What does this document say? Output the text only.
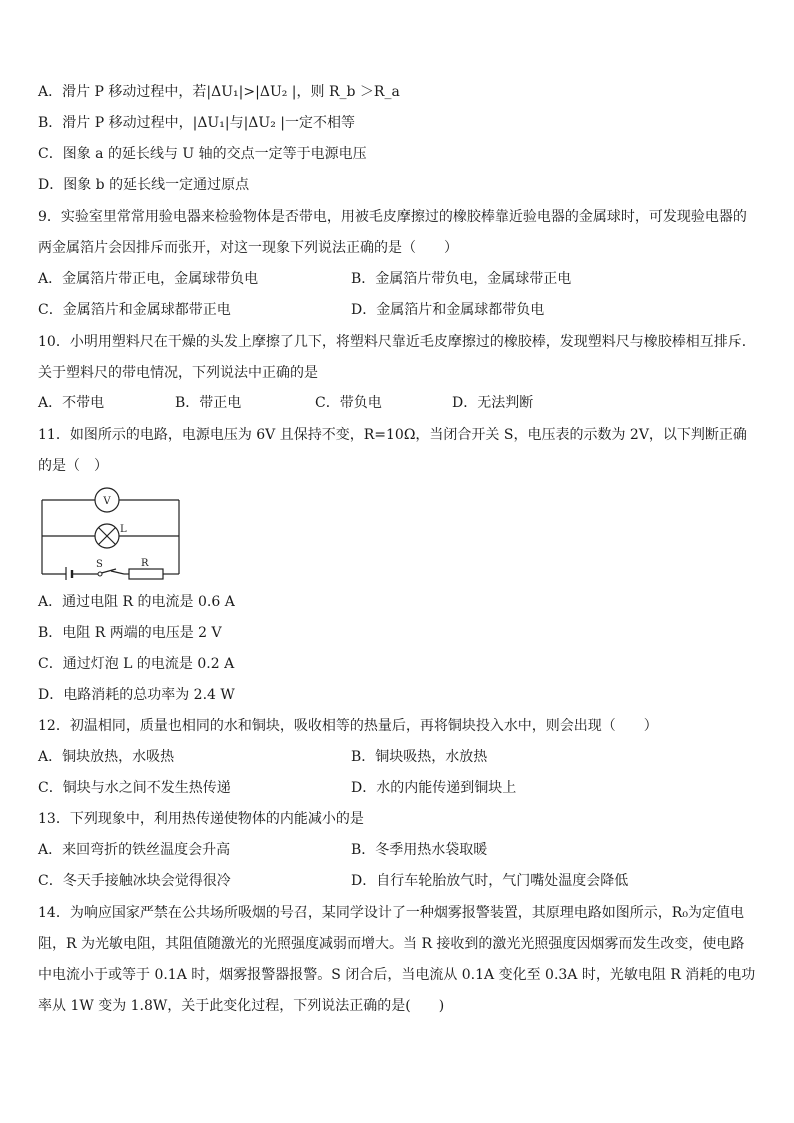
A．滑片 P 移动过程中，若|ΔU₁|>|ΔU₂ |，则 R_b ＞R_a
B．滑片 P 移动过程中，|ΔU₁|与|ΔU₂ |一定不相等
C．图象 a 的延长线与 U 轴的交点一定等于电源电压
D．图象 b 的延长线一定通过原点
9．实验室里常常用验电器来检验物体是否带电，用被毛皮摩擦过的橡胶棒靠近验电器的金属球时，可发现验电器的两金属箔片会因排斥而张开，对这一现象下列说法正确的是（　　）
A．金属箔片带正电，金属球带负电	B．金属箔片带负电，金属球带正电
C．金属箔片和金属球都带正电	D．金属箔片和金属球都带负电
10．小明用塑料尺在干燥的头发上摩擦了几下，将塑料尺靠近毛皮摩擦过的橡胶棒，发现塑料尺与橡胶棒相互排斥．关于塑料尺的带电情况，下列说法中正确的是
A．不带电	B．带正电	C．带负电	D．无法判断
11．如图所示的电路，电源电压为 6V 且保持不变，R=10Ω，当闭合开关 S，电压表的示数为 2V，以下判断正确的是（　）
V
L
S	R
A．通过电阻 R 的电流是 0.6 A
B．电阻 R 两端的电压是 2 V
C．通过灯泡 L 的电流是 0.2 A
D．电路消耗的总功率为 2.4 W
12．初温相同，质量也相同的水和铜块，吸收相等的热量后，再将铜块投入水中，则会出现（　　）
A．铜块放热，水吸热	B．铜块吸热，水放热
C．铜块与水之间不发生热传递	D．水的内能传递到铜块上
13．下列现象中，利用热传递使物体的内能减小的是
A．来回弯折的铁丝温度会升高	B．冬季用热水袋取暖
C．冬天手接触冰块会觉得很冷	D．自行车轮胎放气时，气门嘴处温度会降低
14．为响应国家严禁在公共场所吸烟的号召，某同学设计了一种烟雾报警装置，其原理电路如图所示，R₀为定值电阻，R 为光敏电阻，其阻值随激光的光照强度减弱而增大。当 R 接收到的激光光照强度因烟雾而发生改变，使电路中电流小于或等于 0.1A 时，烟雾报警器报警。S 闭合后，当电流从 0.1A 变化至 0.3A 时，光敏电阻 R 消耗的电功率从 1W 变为 1.8W，关于此变化过程，下列说法正确的是(　　)
